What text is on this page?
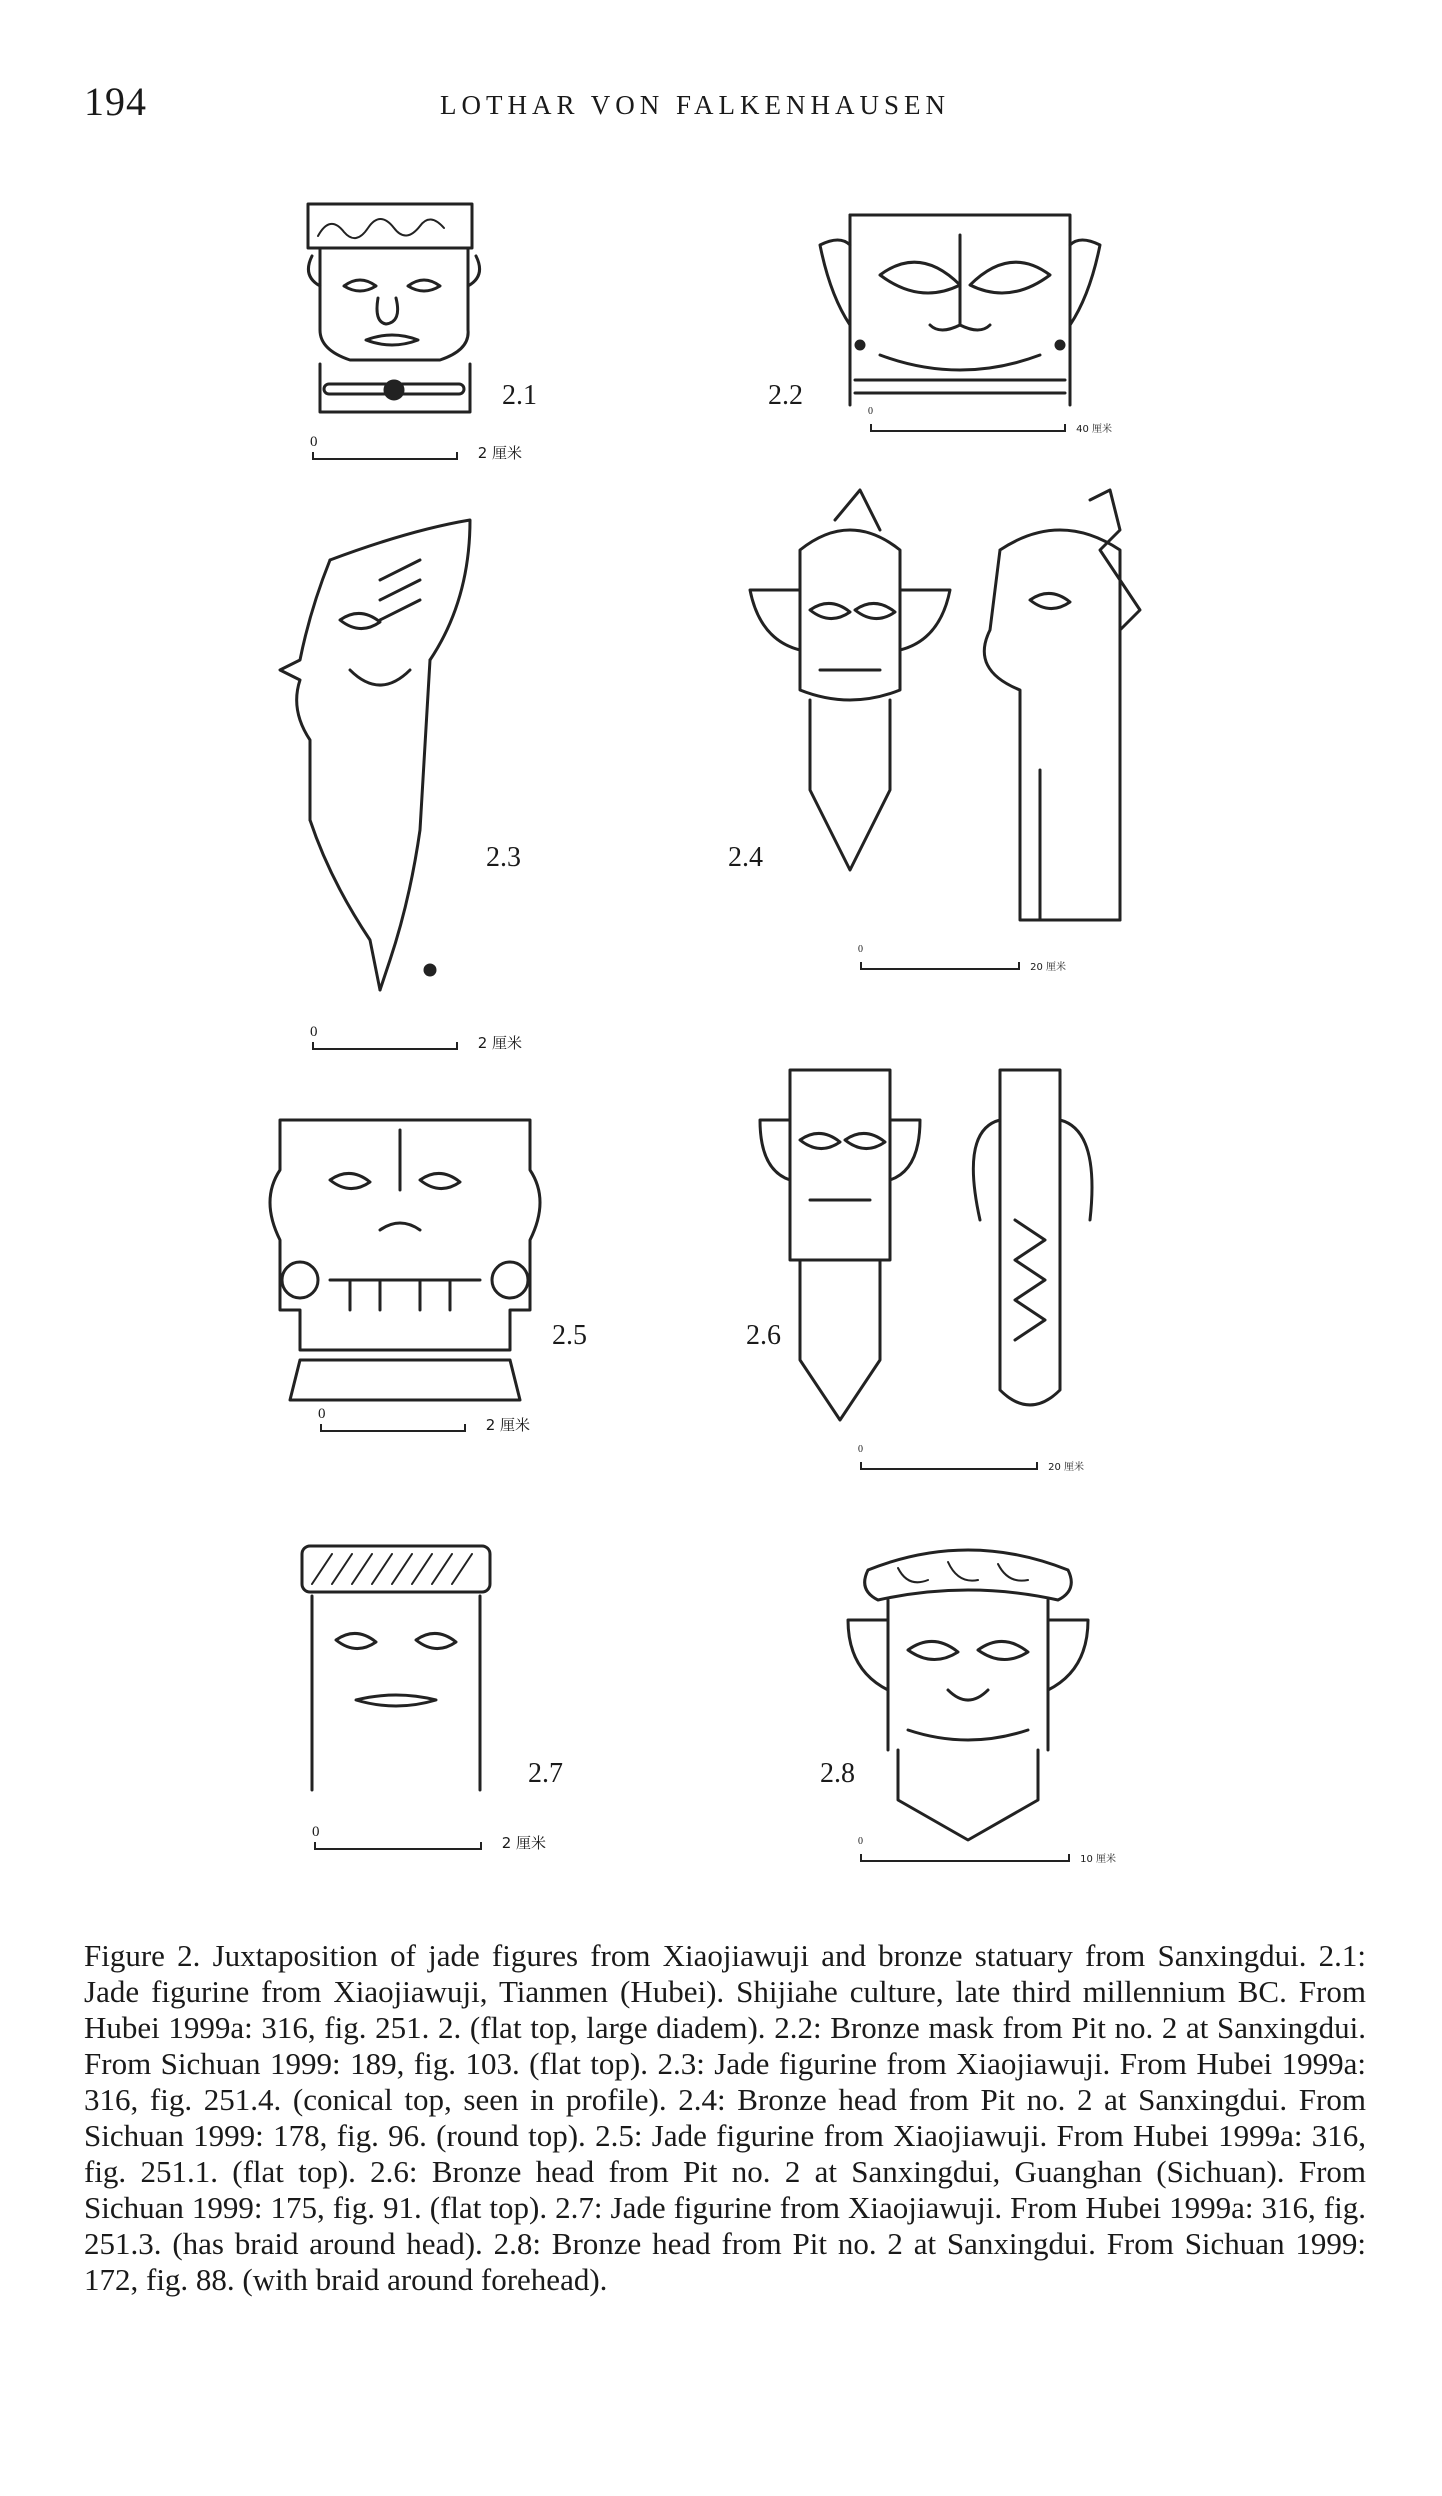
194	LOTHAR VON FALKENHAUSEN
2.1
0
2 厘米
2.2
0
40 厘米
2.3
0
2 厘米
2.4
0
20 厘米
2.5
0
2 厘米
2.6
0
20 厘米
2.7
0
2 厘米
2.8
0
10 厘米

Figure 2. Juxtaposition of jade figures from Xiaojiawuji and bronze statuary from Sanxingdui. 2.1: Jade figurine from Xiaojiawuji, Tianmen (Hubei). Shijiahe culture, late third millennium BC. From Hubei 1999a: 316, fig. 251. 2. (flat top, large diadem). 2.2: Bronze mask from Pit no. 2 at Sanxingdui. From Sichuan 1999: 189, fig. 103. (flat top). 2.3: Jade figurine from Xiaojiawuji. From Hubei 1999a: 316, fig. 251.4. (conical top, seen in profile). 2.4: Bronze head from Pit no. 2 at Sanxingdui. From Sichuan 1999: 178, fig. 96. (round top). 2.5: Jade figurine from Xiaojiawuji. From Hubei 1999a: 316, fig. 251.1. (flat top). 2.6: Bronze head from Pit no. 2 at Sanxingdui, Guanghan (Sichuan). From Sichuan 1999: 175, fig. 91. (flat top). 2.7: Jade figurine from Xiaojiawuji. From Hubei 1999a: 316, fig. 251.3. (has braid around head). 2.8: Bronze head from Pit no. 2 at Sanxingdui. From Sichuan 1999: 172, fig. 88. (with braid around forehead).
